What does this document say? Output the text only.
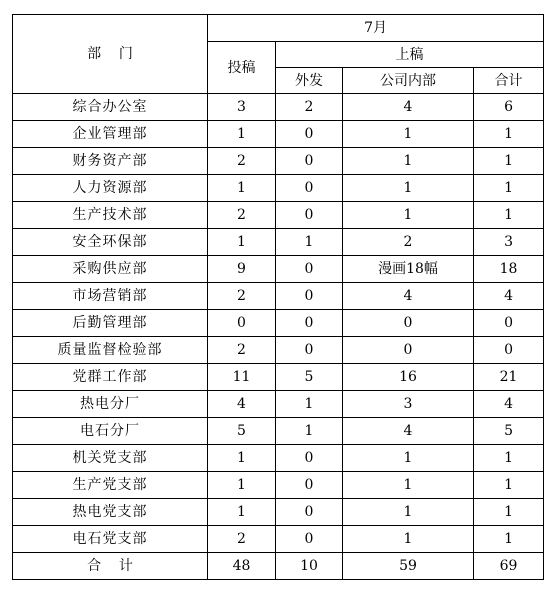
部    门	7月			
	投稿	上稿		
		外发	公司内部	合计
综合办公室	3	2	4	6
企业管理部	1	0	1	1
财务资产部	2	0	1	1
人力资源部	1	0	1	1
生产技术部	2	0	1	1
安全环保部	1	1	2	3
采购供应部	9	0	漫画18幅	18
市场营销部	2	0	4	4
后勤管理部	0	0	0	0
质量监督检验部	2	0	0	0
党群工作部	11	5	16	21
热电分厂	4	1	3	4
电石分厂	5	1	4	5
机关党支部	1	0	1	1
生产党支部	1	0	1	1
热电党支部	1	0	1	1
电石党支部	2	0	1	1
合    计	48	10	59	69
